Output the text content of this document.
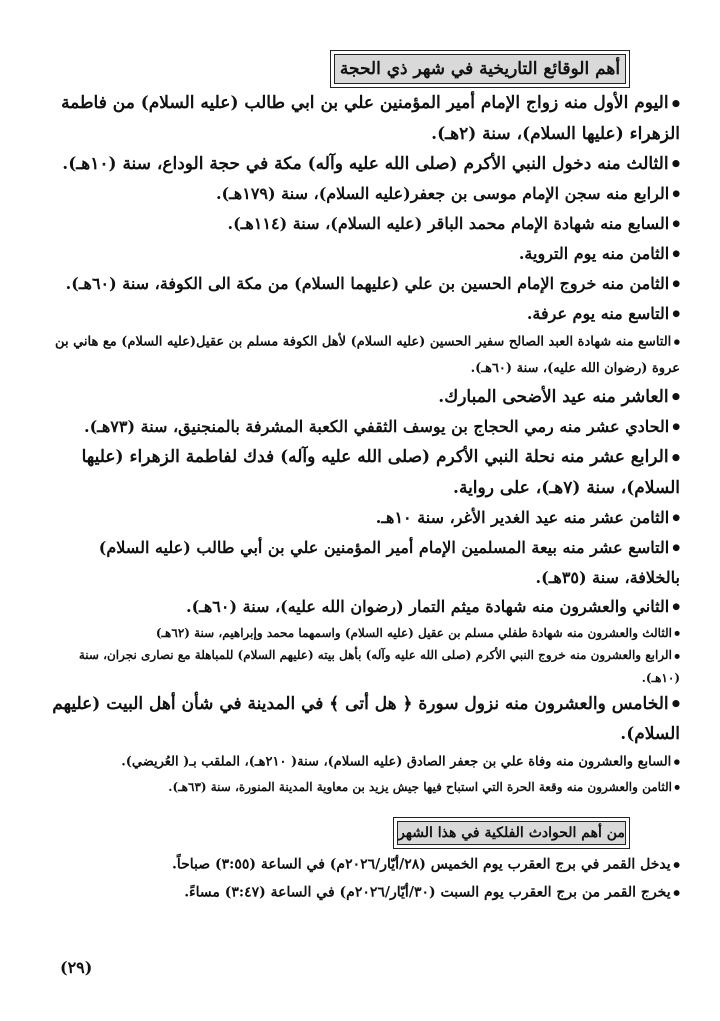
أهم الوقائع التاريخية في شهر ذي الحجة
● اليوم الأول منه زواج الإمام أمير المؤمنين علي بن ابي طالب (عليه السلام) من فاطمة الزهراء (عليها السلام)، سنة (٢هـ).
● الثالث منه دخول النبي الأكرم (صلى الله عليه وآله) مكة في حجة الوداع، سنة (١٠هـ).
● الرابع منه سجن الإمام موسى بن جعفر(عليه السلام)، سنة (١٧٩هـ).
● السابع منه شهادة الإمام محمد الباقر (عليه السلام)، سنة (١١٤هـ).
● الثامن منه يوم التروية.
● الثامن منه خروج الإمام الحسين بن علي (عليهما السلام) من مكة الى الكوفة، سنة (٦٠هـ).
● التاسع منه يوم عرفة.
● التاسع منه شهادة العبد الصالح سفير الحسين (عليه السلام) لأهل الكوفة مسلم بن عقيل(عليه السلام) مع هاني بن عروة (رضوان الله عليه)، سنة (٦٠هـ).
● العاشر منه عيد الأضحى المبارك.
● الحادي عشر منه رمي الحجاج بن يوسف الثقفي الكعبة المشرفة بالمنجنيق، سنة (٧٣هـ).
● الرابع عشر منه نحلة النبي الأكرم (صلى الله عليه وآله) فدك لفاطمة الزهراء (عليها السلام)، سنة (٧هـ)، على رواية.
● الثامن عشر منه عيد الغدير الأغر، سنة ١٠هـ.
● التاسع عشر منه بيعة المسلمين الإمام أمير المؤمنين علي بن أبي طالب (عليه السلام) بالخلافة، سنة (٣٥هـ).
● الثاني والعشرون منه شهادة ميثم التمار (رضوان الله عليه)، سنة (٦٠هـ).
● الثالث والعشرون منه شهادة طفلي مسلم بن عقيل (عليه السلام) واسمهما محمد وإبراهيم، سنة (٦٢هـ)
● الرابع والعشرون منه خروج النبي الأكرم (صلى الله عليه وآله) بأهل بيته (عليهم السلام) للمباهلة مع نصارى نجران، سنة (١٠هـ).
● الخامس والعشرون منه نزول سورة ﴿ هل أتى ﴾ في المدينة في شأن أهل البيت (عليهم السلام).
● السابع والعشرون منه وفاة علي بن جعفر الصادق (عليه السلام)، سنة( ٢١٠هـ)، الملقب بـ( العُريضي).
● الثامن والعشرون منه وقعة الحرة التي استباح فيها جيش يزيد بن معاوية المدينة المنورة، سنة (٦٣هـ).
من أهم الحوادث الفلكية في هذا الشهر
● يدخل القمر في برج العقرب يوم الخميس (٢٨/أيّار/٢٠٢٦م) في الساعة (٣:٥٥) صباحاً.
● يخرج القمر من برج العقرب يوم السبت (٣٠/أيّار/٢٠٢٦م) في الساعة (٣:٤٧) مساءً.
(٢٩)
